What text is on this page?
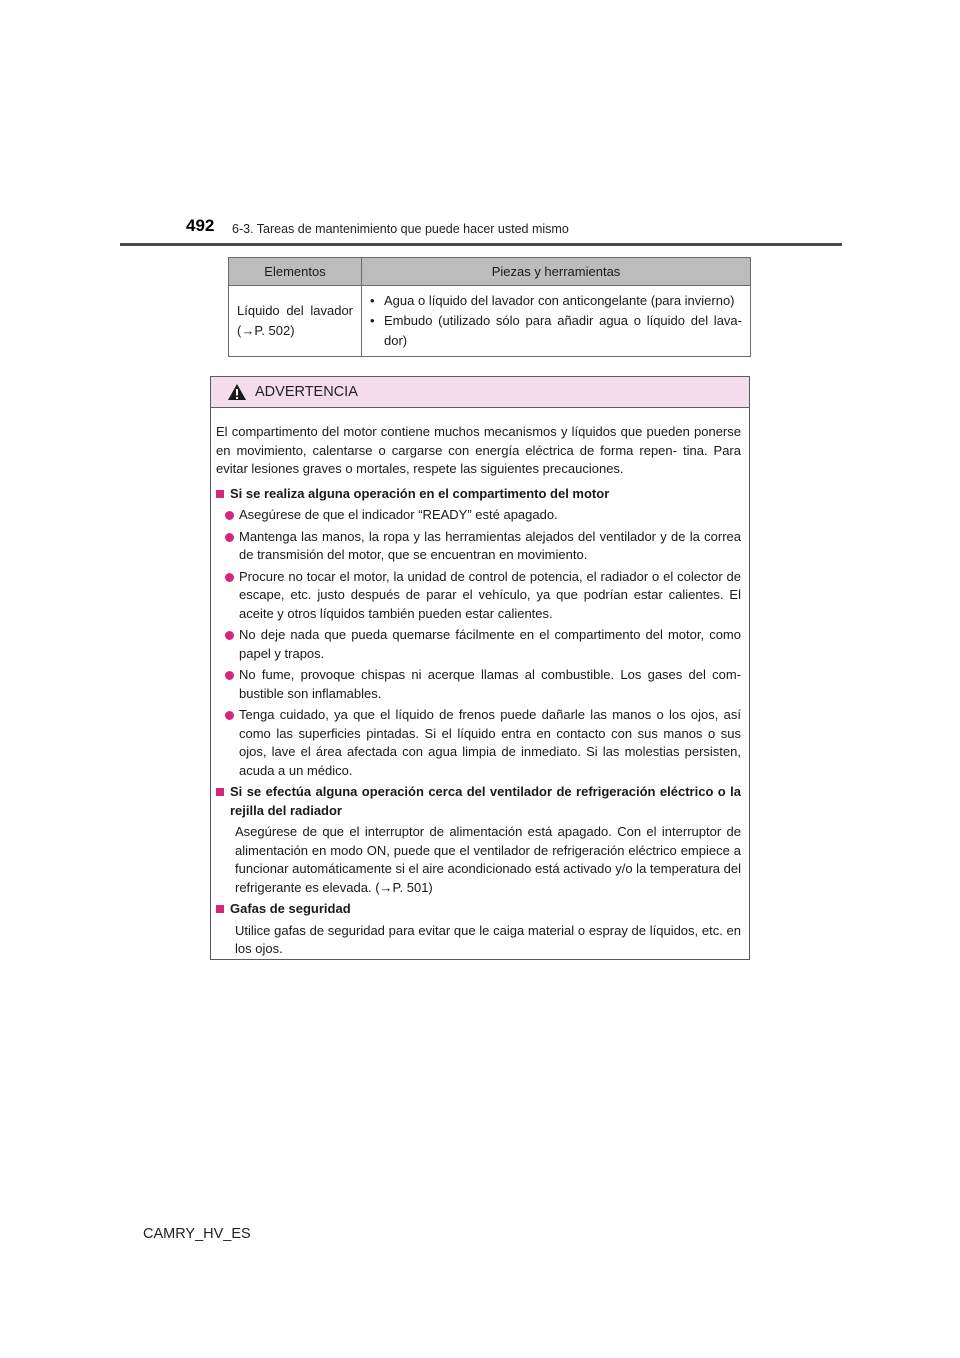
492 6-3. Tareas de mantenimiento que puede hacer usted mismo
Elementos	Piezas y herramientas
Líquido del lavador (→P. 502)	• Agua o líquido del lavador con anticongelante (para invierno)
• Embudo (utilizado sólo para añadir agua o líquido del lava- dor)
ADVERTENCIA
El compartimento del motor contiene muchos mecanismos y líquidos que pueden ponerse en movimiento, calentarse o cargarse con energía eléctrica de forma repen- tina. Para evitar lesiones graves o mortales, respete las siguientes precauciones.
Si se realiza alguna operación en el compartimento del motor
Asegúrese de que el indicador “READY” esté apagado.
Mantenga las manos, la ropa y las herramientas alejados del ventilador y de la correa de transmisión del motor, que se encuentran en movimiento.
Procure no tocar el motor, la unidad de control de potencia, el radiador o el colector de escape, etc. justo después de parar el vehículo, ya que podrían estar calientes. El aceite y otros líquidos también pueden estar calientes.
No deje nada que pueda quemarse fácilmente en el compartimento del motor, como papel y trapos.
No fume, provoque chispas ni acerque llamas al combustible. Los gases del com- bustible son inflamables.
Tenga cuidado, ya que el líquido de frenos puede dañarle las manos o los ojos, así como las superficies pintadas. Si el líquido entra en contacto con sus manos o sus ojos, lave el área afectada con agua limpia de inmediato. Si las molestias persisten, acuda a un médico.
Si se efectúa alguna operación cerca del ventilador de refrigeración eléctrico o la rejilla del radiador
Asegúrese de que el interruptor de alimentación está apagado. Con el interruptor de alimentación en modo ON, puede que el ventilador de refrigeración eléctrico empiece a funcionar automáticamente si el aire acondicionado está activado y/o la temperatura del refrigerante es elevada. (→P. 501)
Gafas de seguridad
Utilice gafas de seguridad para evitar que le caiga material o espray de líquidos, etc. en los ojos.
CAMRY_HV_ES
